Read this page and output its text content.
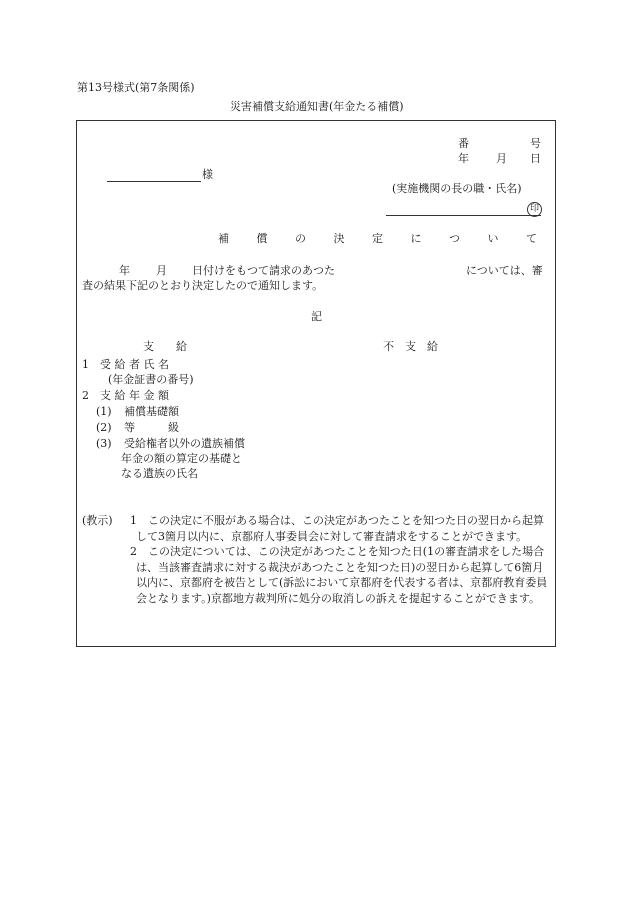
第13号様式(第7条関係)
災害補償支給通知書(年金たる補償)
番	号
年 月 日
様
(実施機関の長の職・氏名)
印
補 償 の 決 定 に つ い て
年 月 日付けをもつて請求のあつた	については、審
査の結果下記のとおり決定したので通知します。
記
支　　給	不　支　給
1 受 給 者 氏 名
(年金証書の番号)
2 支 給 年 金 額
(1) 補償基礎額
(2) 等　　　級
(3) 受給権者以外の遺族補償
年金の額の算定の基礎と
なる遺族の氏名
(教示) 1	この決定に不服がある場合は、この決定があつたことを知つた日の翌日から起算して3箇月以内に、京都府人事委員会に対して審査請求をすることができます。
2	この決定については、この決定があつたことを知つた日(1の審査請求をした場合は、当該審査請求に対する裁決があつたことを知つた日)の翌日から起算して6箇月以内に、京都府を被告として(訴訟において京都府を代表する者は、京都府教育委員会となります。)京都地方裁判所に処分の取消しの訴えを提起することができます。
